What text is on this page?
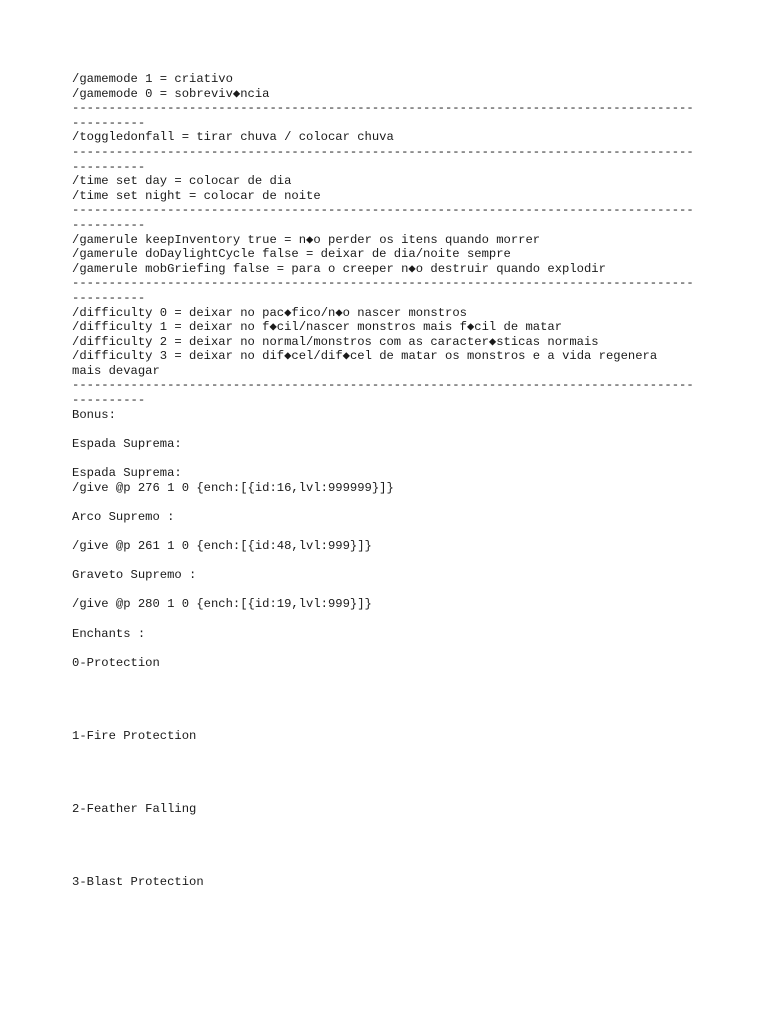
/gamemode 1 = criativo
/gamemode 0 = sobreviv◆ncia
-----------------------------------------------------------------------------------------------
/toggledonfall = tirar chuva / colocar chuva
-----------------------------------------------------------------------------------------------
/time set day = colocar de dia
/time set night = colocar de noite
-----------------------------------------------------------------------------------------------
/gamerule keepInventory true = n◆o perder os itens quando morrer
/gamerule doDaylightCycle false = deixar de dia/noite sempre
/gamerule mobGriefing false = para o creeper n◆o destruir quando explodir
-----------------------------------------------------------------------------------------------
/difficulty 0 = deixar no pac◆fico/n◆o nascer monstros
/difficulty 1 = deixar no f◆cil/nascer monstros mais f◆cil de matar
/difficulty 2 = deixar no normal/monstros com as caracter◆sticas normais
/difficulty 3 = deixar no dif◆cel/dif◆cel de matar os monstros e a vida regenera
mais devagar
-----------------------------------------------------------------------------------------------
Bonus:
Espada Suprema:
Espada Suprema:
/give @p 276 1 0 {ench:[{id:16,lvl:999999}]}
Arco Supremo :
/give @p 261 1 0 {ench:[{id:48,lvl:999}]}
Graveto Supremo :
/give @p 280 1 0 {ench:[{id:19,lvl:999}]}
Enchants :
0-Protection
1-Fire Protection
2-Feather Falling
3-Blast Protection
